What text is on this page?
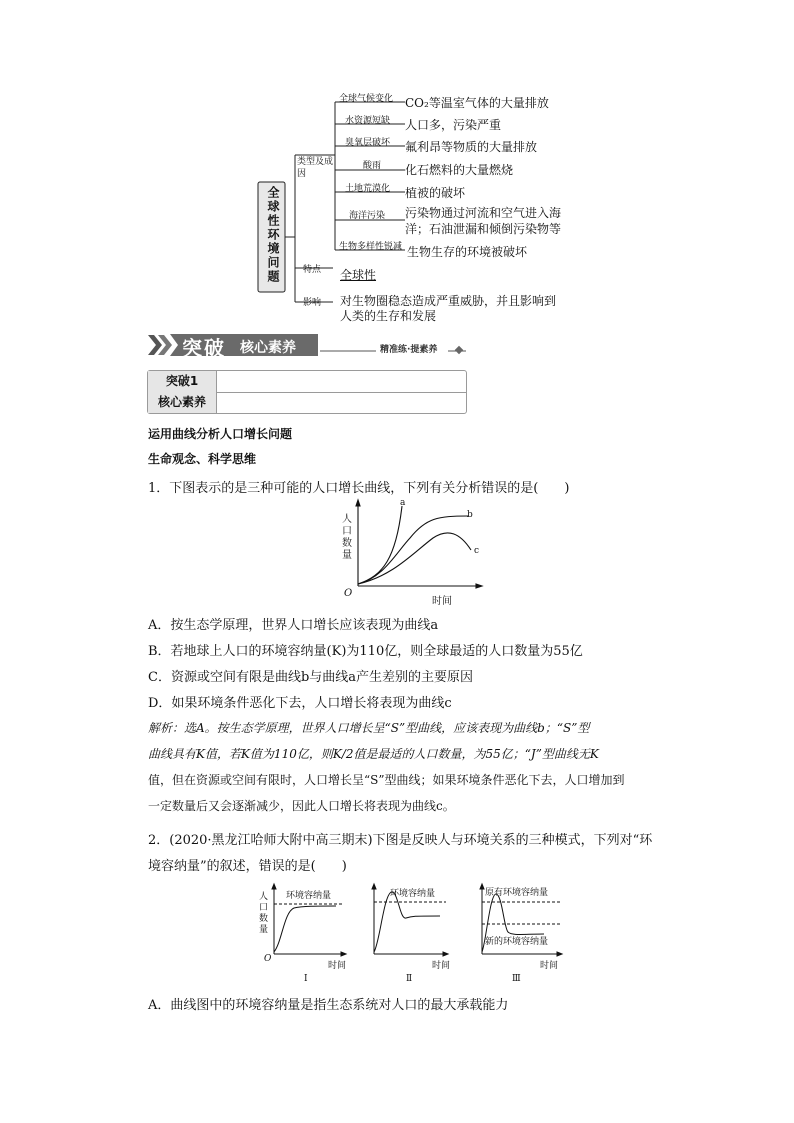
全球性环境问题
类型及成因
全球气候变化
水资源短缺
臭氧层破坏
酸雨
土地荒漠化
海洋污染
生物多样性锐减
CO₂等温室气体的大量排放
人口多，污染严重
氟利昂等物质的大量排放
化石燃料的大量燃烧
植被的破坏
污染物通过河流和空气进入海
洋；石油泄漏和倾倒污染物等
生物生存的环境被破坏
特点 全球性
影响 对生物圈稳态造成严重威胁，并且影响到
人类的生存和发展
突破 核心素养	精准练·提素养
突破1
核心素养
运用曲线分析人口增长问题
生命观念、科学思维
1．下图表示的是三种可能的人口增长曲线，下列有关分析错误的是(　　)
a
b
c
人
口
数
量
O
时间
A．按生态学原理，世界人口增长应该表现为曲线a
B．若地球上人口的环境容纳量(K)为110亿，则全球最适的人口数量为55亿
C．资源或空间有限是曲线b与曲线a产生差别的主要原因
D．如果环境条件恶化下去，人口增长将表现为曲线c
解析：选A。按生态学原理，世界人口增长呈“S”型曲线，应该表现为曲线b；“S”型
曲线具有K值，若K值为110亿，则K/2值是最适的人口数量，为55亿；“J”型曲线无K
值，但在资源或空间有限时，人口增长呈“S”型曲线；如果环境条件恶化下去，人口增加到
一定数量后又会逐渐减少，因此人口增长将表现为曲线c。
2．(2020·黑龙江哈师大附中高三期末)下图是反映人与环境关系的三种模式，下列对“环
境容纳量”的叙述，错误的是(　　)
环境容纳量
人
口
数
量
O
时间
Ⅰ
环境容纳量
时间
Ⅱ
原有环境容纳量
新的环境容纳量
时间
Ⅲ
A．曲线图中的环境容纳量是指生态系统对人口的最大承载能力
